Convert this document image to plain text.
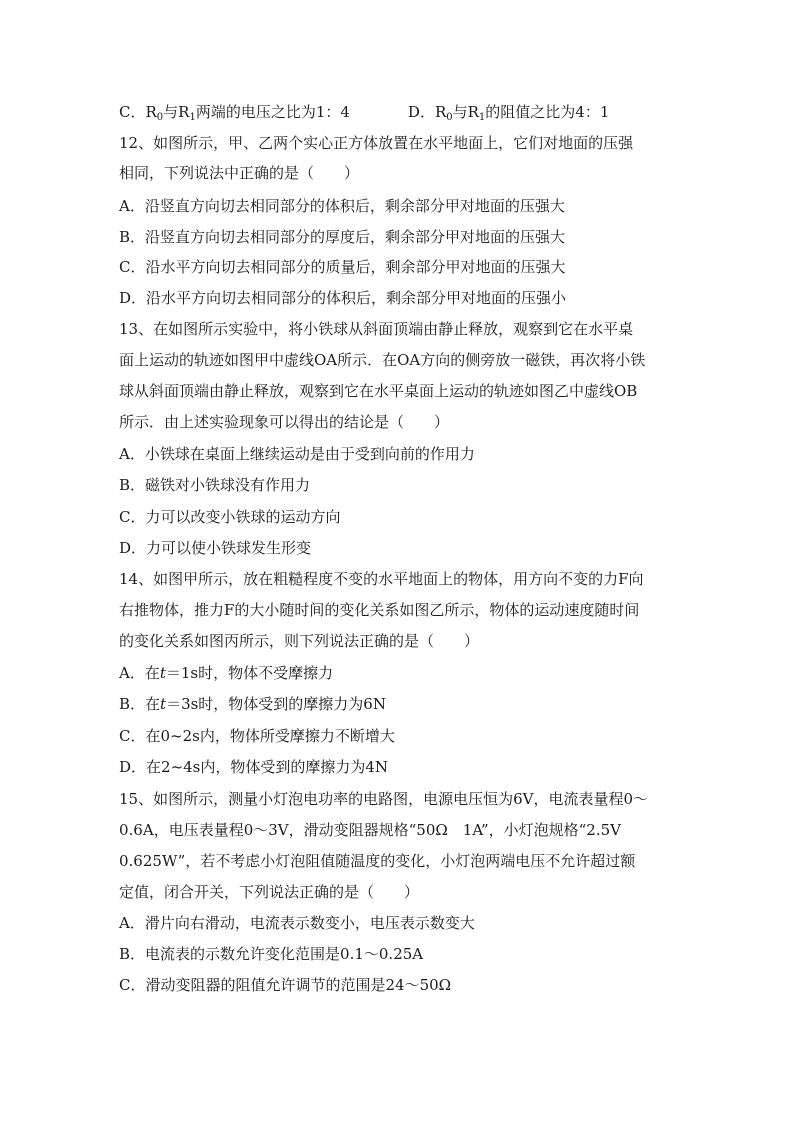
C．$R_0$与$R_1$两端的电压之比为1：4	D．$R_0$与$R_1$的阻值之比为4：1
12、如图所示，甲、乙两个实心正方体放置在水平地面上，它们对地面的压强
相同，下列说法中正确的是（　　）
A．沿竖直方向切去相同部分的体积后，剩余部分甲对地面的压强大
B．沿竖直方向切去相同部分的厚度后，剩余部分甲对地面的压强大
C．沿水平方向切去相同部分的质量后，剩余部分甲对地面的压强大
D．沿水平方向切去相同部分的体积后，剩余部分甲对地面的压强小
13、在如图所示实验中，将小铁球从斜面顶端由静止释放，观察到它在水平桌
面上运动的轨迹如图甲中虚线OA所示．在OA方向的侧旁放一磁铁，再次将小铁
球从斜面顶端由静止释放，观察到它在水平桌面上运动的轨迹如图乙中虚线OB
所示．由上述实验现象可以得出的结论是（　　）
A．小铁球在桌面上继续运动是由于受到向前的作用力
B．磁铁对小铁球没有作用力
C．力可以改变小铁球的运动方向
D．力可以使小铁球发生形变
14、如图甲所示，放在粗糙程度不变的水平地面上的物体，用方向不变的力F向
右推物体，推力F的大小随时间的变化关系如图乙所示，物体的运动速度随时间
的变化关系如图丙所示，则下列说法正确的是（　　）
A．在t＝1s时，物体不受摩擦力
B．在t＝3s时，物体受到的摩擦力为6N
C．在0~2s内，物体所受摩擦力不断增大
D．在2~4s内，物体受到的摩擦力为4N
15、如图所示，测量小灯泡电功率的电路图，电源电压恒为6V，电流表量程0～
0.6A，电压表量程0～3V，滑动变阻器规格“50Ω　1A”，小灯泡规格“2.5V
0.625W”，若不考虑小灯泡阻值随温度的变化，小灯泡两端电压不允许超过额
定值，闭合开关，下列说法正确的是（　　）
A．滑片向右滑动，电流表示数变小，电压表示数变大
B．电流表的示数允许变化范围是0.1～0.25A
C．滑动变阻器的阻值允许调节的范围是24～50Ω
